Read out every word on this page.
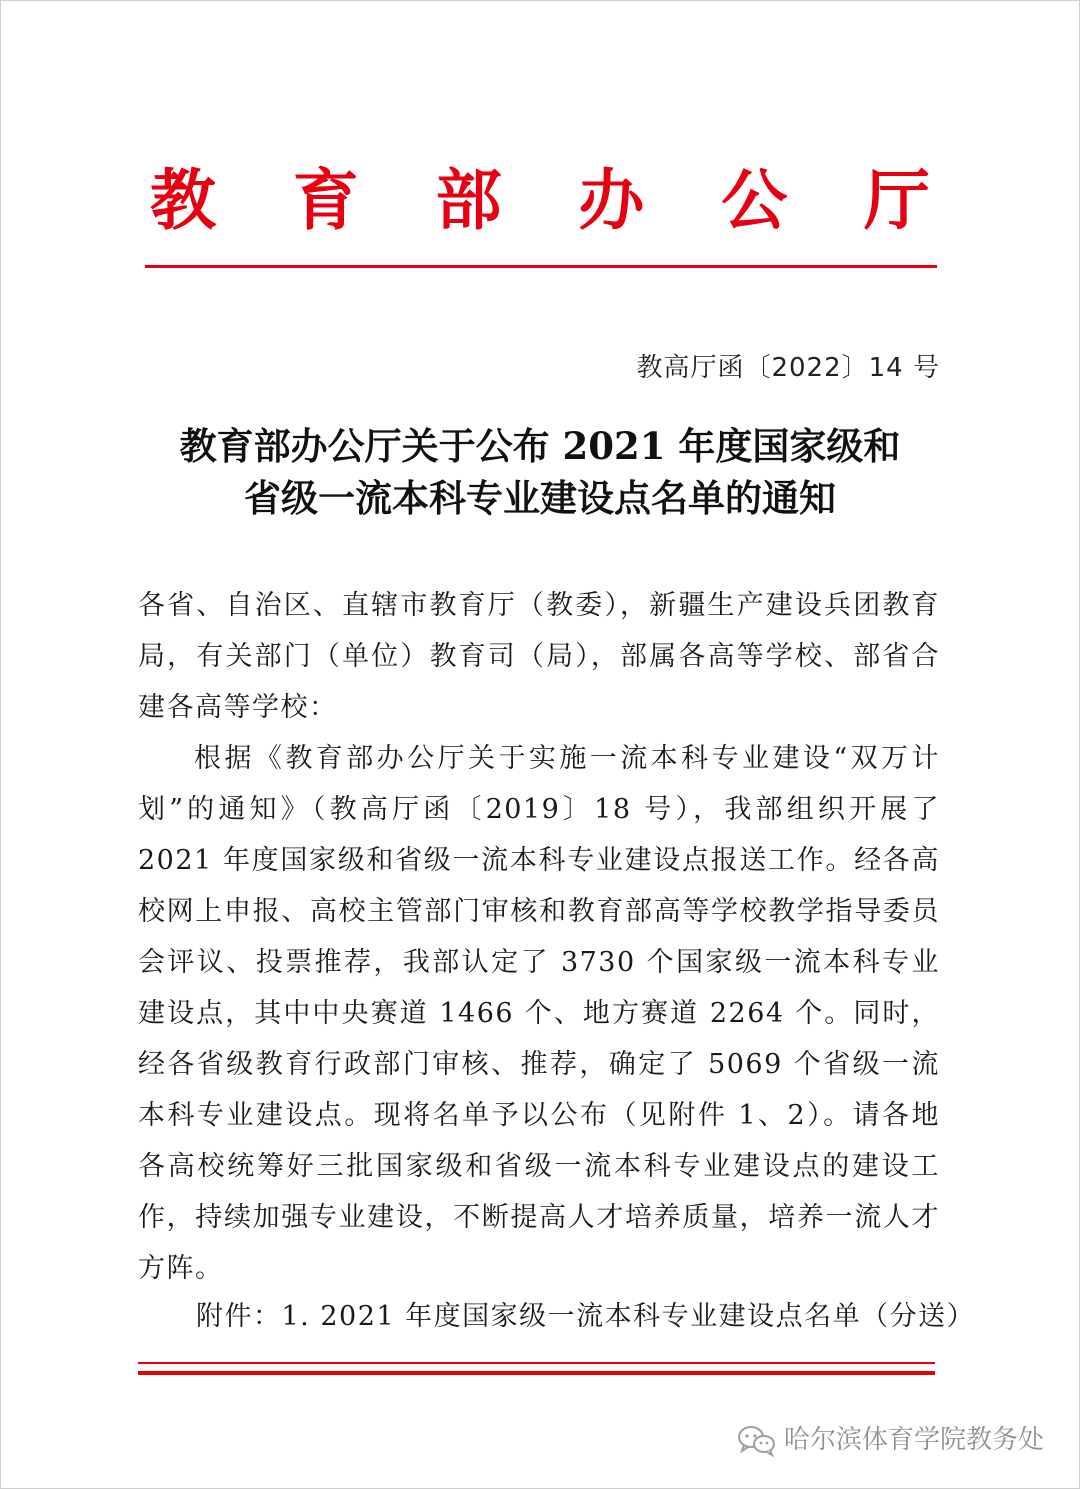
教 育 部 办 公 厅
教高厅函〔2022〕14 号
教育部办公厅关于公布 2021 年度国家级和
省级一流本科专业建设点名单的通知

各省、自治区、直辖市教育厅（教委），新疆生产建设兵团教育局，有关部门（单位）教育司（局），部属各高等学校、部省合建各高等学校：

根据《教育部办公厅关于实施一流本科专业建设“双万计划”的通知》（教高厅函〔2019〕18 号），我部组织开展了 2021 年度国家级和省级一流本科专业建设点报送工作。经各高校网上申报、高校主管部门审核和教育部高等学校教学指导委员会评议、投票推荐，我部认定了 3730 个国家级一流本科专业建设点，其中中央赛道 1466 个、地方赛道 2264 个。同时，经各省级教育行政部门审核、推荐，确定了 5069 个省级一流本科专业建设点。现将名单予以公布（见附件 1、2）。请各地各高校统筹好三批国家级和省级一流本科专业建设点的建设工作，持续加强专业建设，不断提高人才培养质量，培养一流人才方阵。

附件：1. 2021 年度国家级一流本科专业建设点名单（分送）
哈尔滨体育学院教务处
